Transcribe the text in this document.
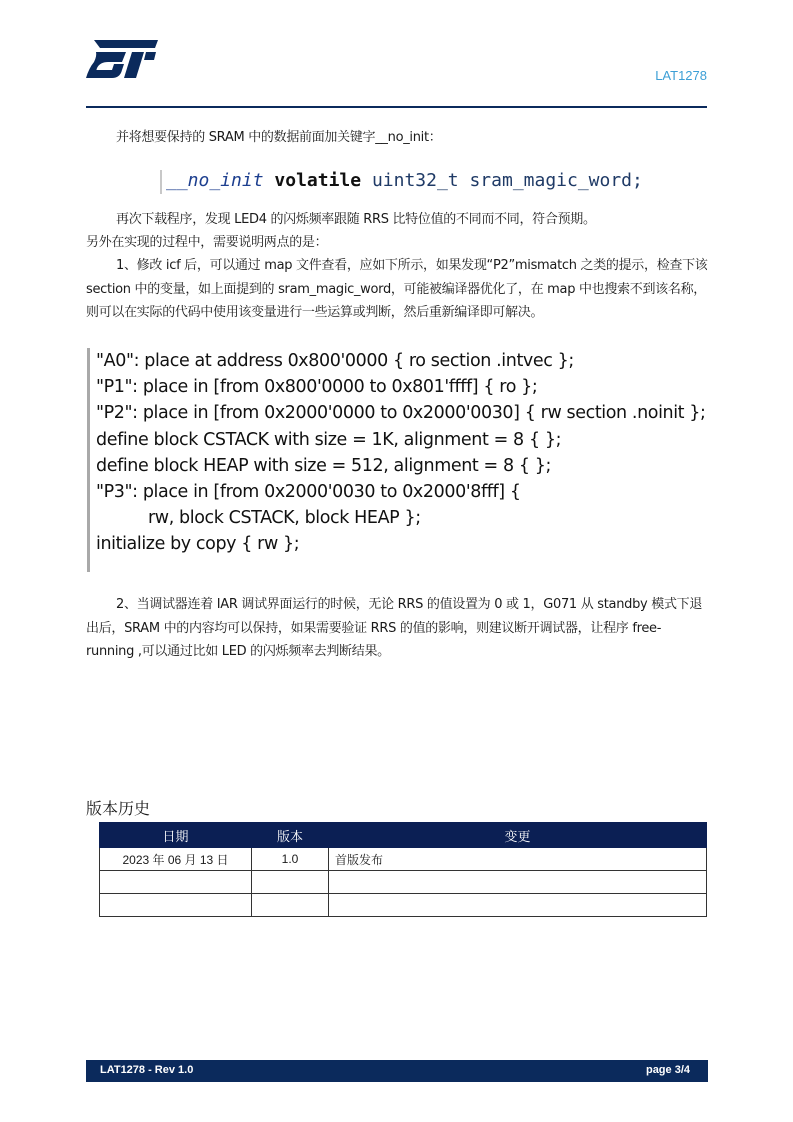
LAT1278

并将想要保持的 SRAM 中的数据前面加关键字__no_init：

__no_init volatile uint32_t sram_magic_word;

再次下载程序，发现 LED4 的闪烁频率跟随 RRS 比特位值的不同而不同，符合预期。

另外在实现的过程中，需要说明两点的是：

1、修改 icf 后，可以通过 map 文件查看，应如下所示，如果发现“P2”mismatch 之类的提示，检查下该 section 中的变量，如上面提到的 sram_magic_word，可能被编译器优化了，在 map 中也搜索不到该名称，则可以在实际的代码中使用该变量进行一些运算或判断，然后重新编译即可解决。

"A0": place at address 0x800'0000 { ro section .intvec };
"P1": place in [from 0x800'0000 to 0x801'ffff] { ro };
"P2": place in [from 0x2000'0000 to 0x2000'0030] { rw section .noinit };
define block CSTACK with size = 1K, alignment = 8 { };
define block HEAP with size = 512, alignment = 8 { };
"P3": place in [from 0x2000'0030 to 0x2000'8fff] {
rw, block CSTACK, block HEAP };
initialize by copy { rw };

2、当调试器连着 IAR 调试界面运行的时候，无论 RRS 的值设置为 0 或 1，G071 从 standby 模式下退出后，SRAM 中的内容均可以保持，如果需要验证 RRS 的值的影响，则建议断开调试器，让程序 free-running ,可以通过比如 LED 的闪烁频率去判断结果。

版本历史
日期	版本	变更
2023 年 06 月 13 日	1.0	首版发布

LAT1278 - Rev 1.0	page 3/4
